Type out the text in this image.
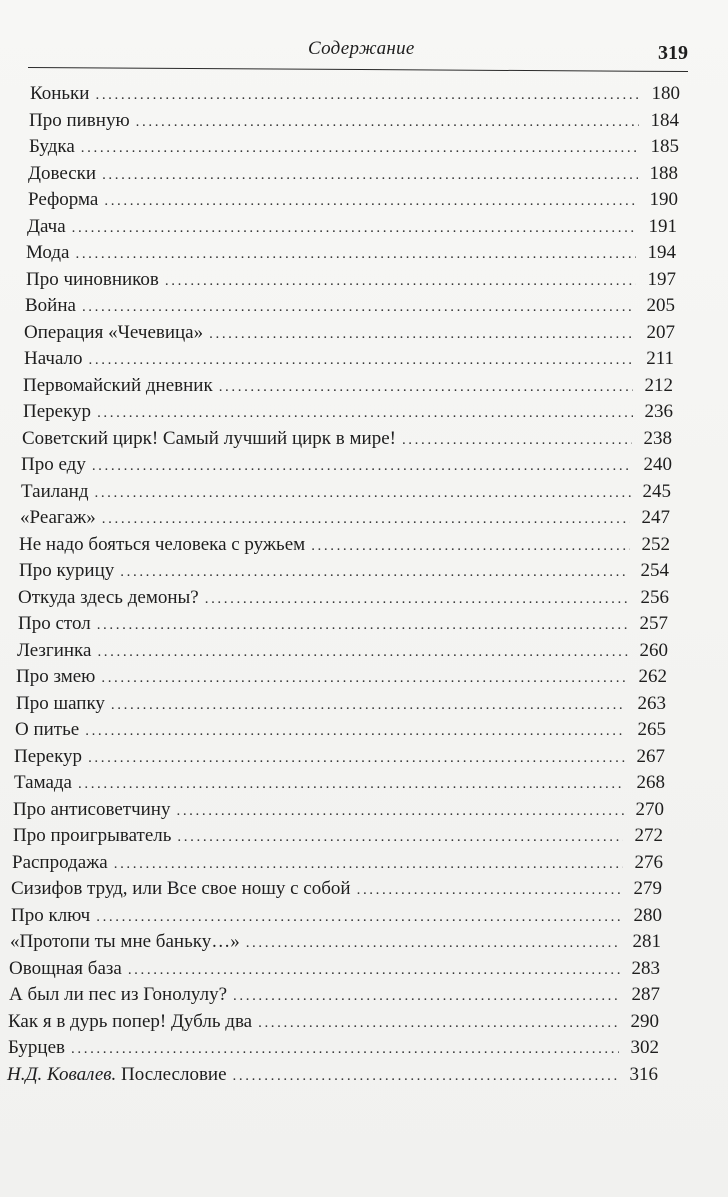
Содержание	319
Коньки .....	180
Про пивную .....	184
Будка .....	185
Довески .....	188
Реформа .....	190
Дача .....	191
Мода .....	194
Про чиновников .....	197
Война .....	205
Операция «Чечевица» .....	207
Начало .....	211
Первомайский дневник .....	212
Перекур .....	236
Советский цирк! Самый лучший цирк в мире! .....	238
Про еду .....	240
Таиланд .....	245
«Реагаж» .....	247
Не надо бояться человека с ружьем .....	252
Про курицу .....	254
Откуда здесь демоны? .....	256
Про стол .....	257
Лезгинка .....	260
Про змею .....	262
Про шапку .....	263
О питье .....	265
Перекур .....	267
Тамада .....	268
Про антисоветчину .....	270
Про проигрыватель .....	272
Распродажа .....	276
Сизифов труд, или Все свое ношу с собой .....	279
Про ключ .....	280
«Протопи ты мне баньку…» .....	281
Овощная база .....	283
А был ли пес из Гонолулу? .....	287
Как я в дурь попер! Дубль два .....	290
Бурцев .....	302
Н.Д. Ковалев. Послесловие .....	316
